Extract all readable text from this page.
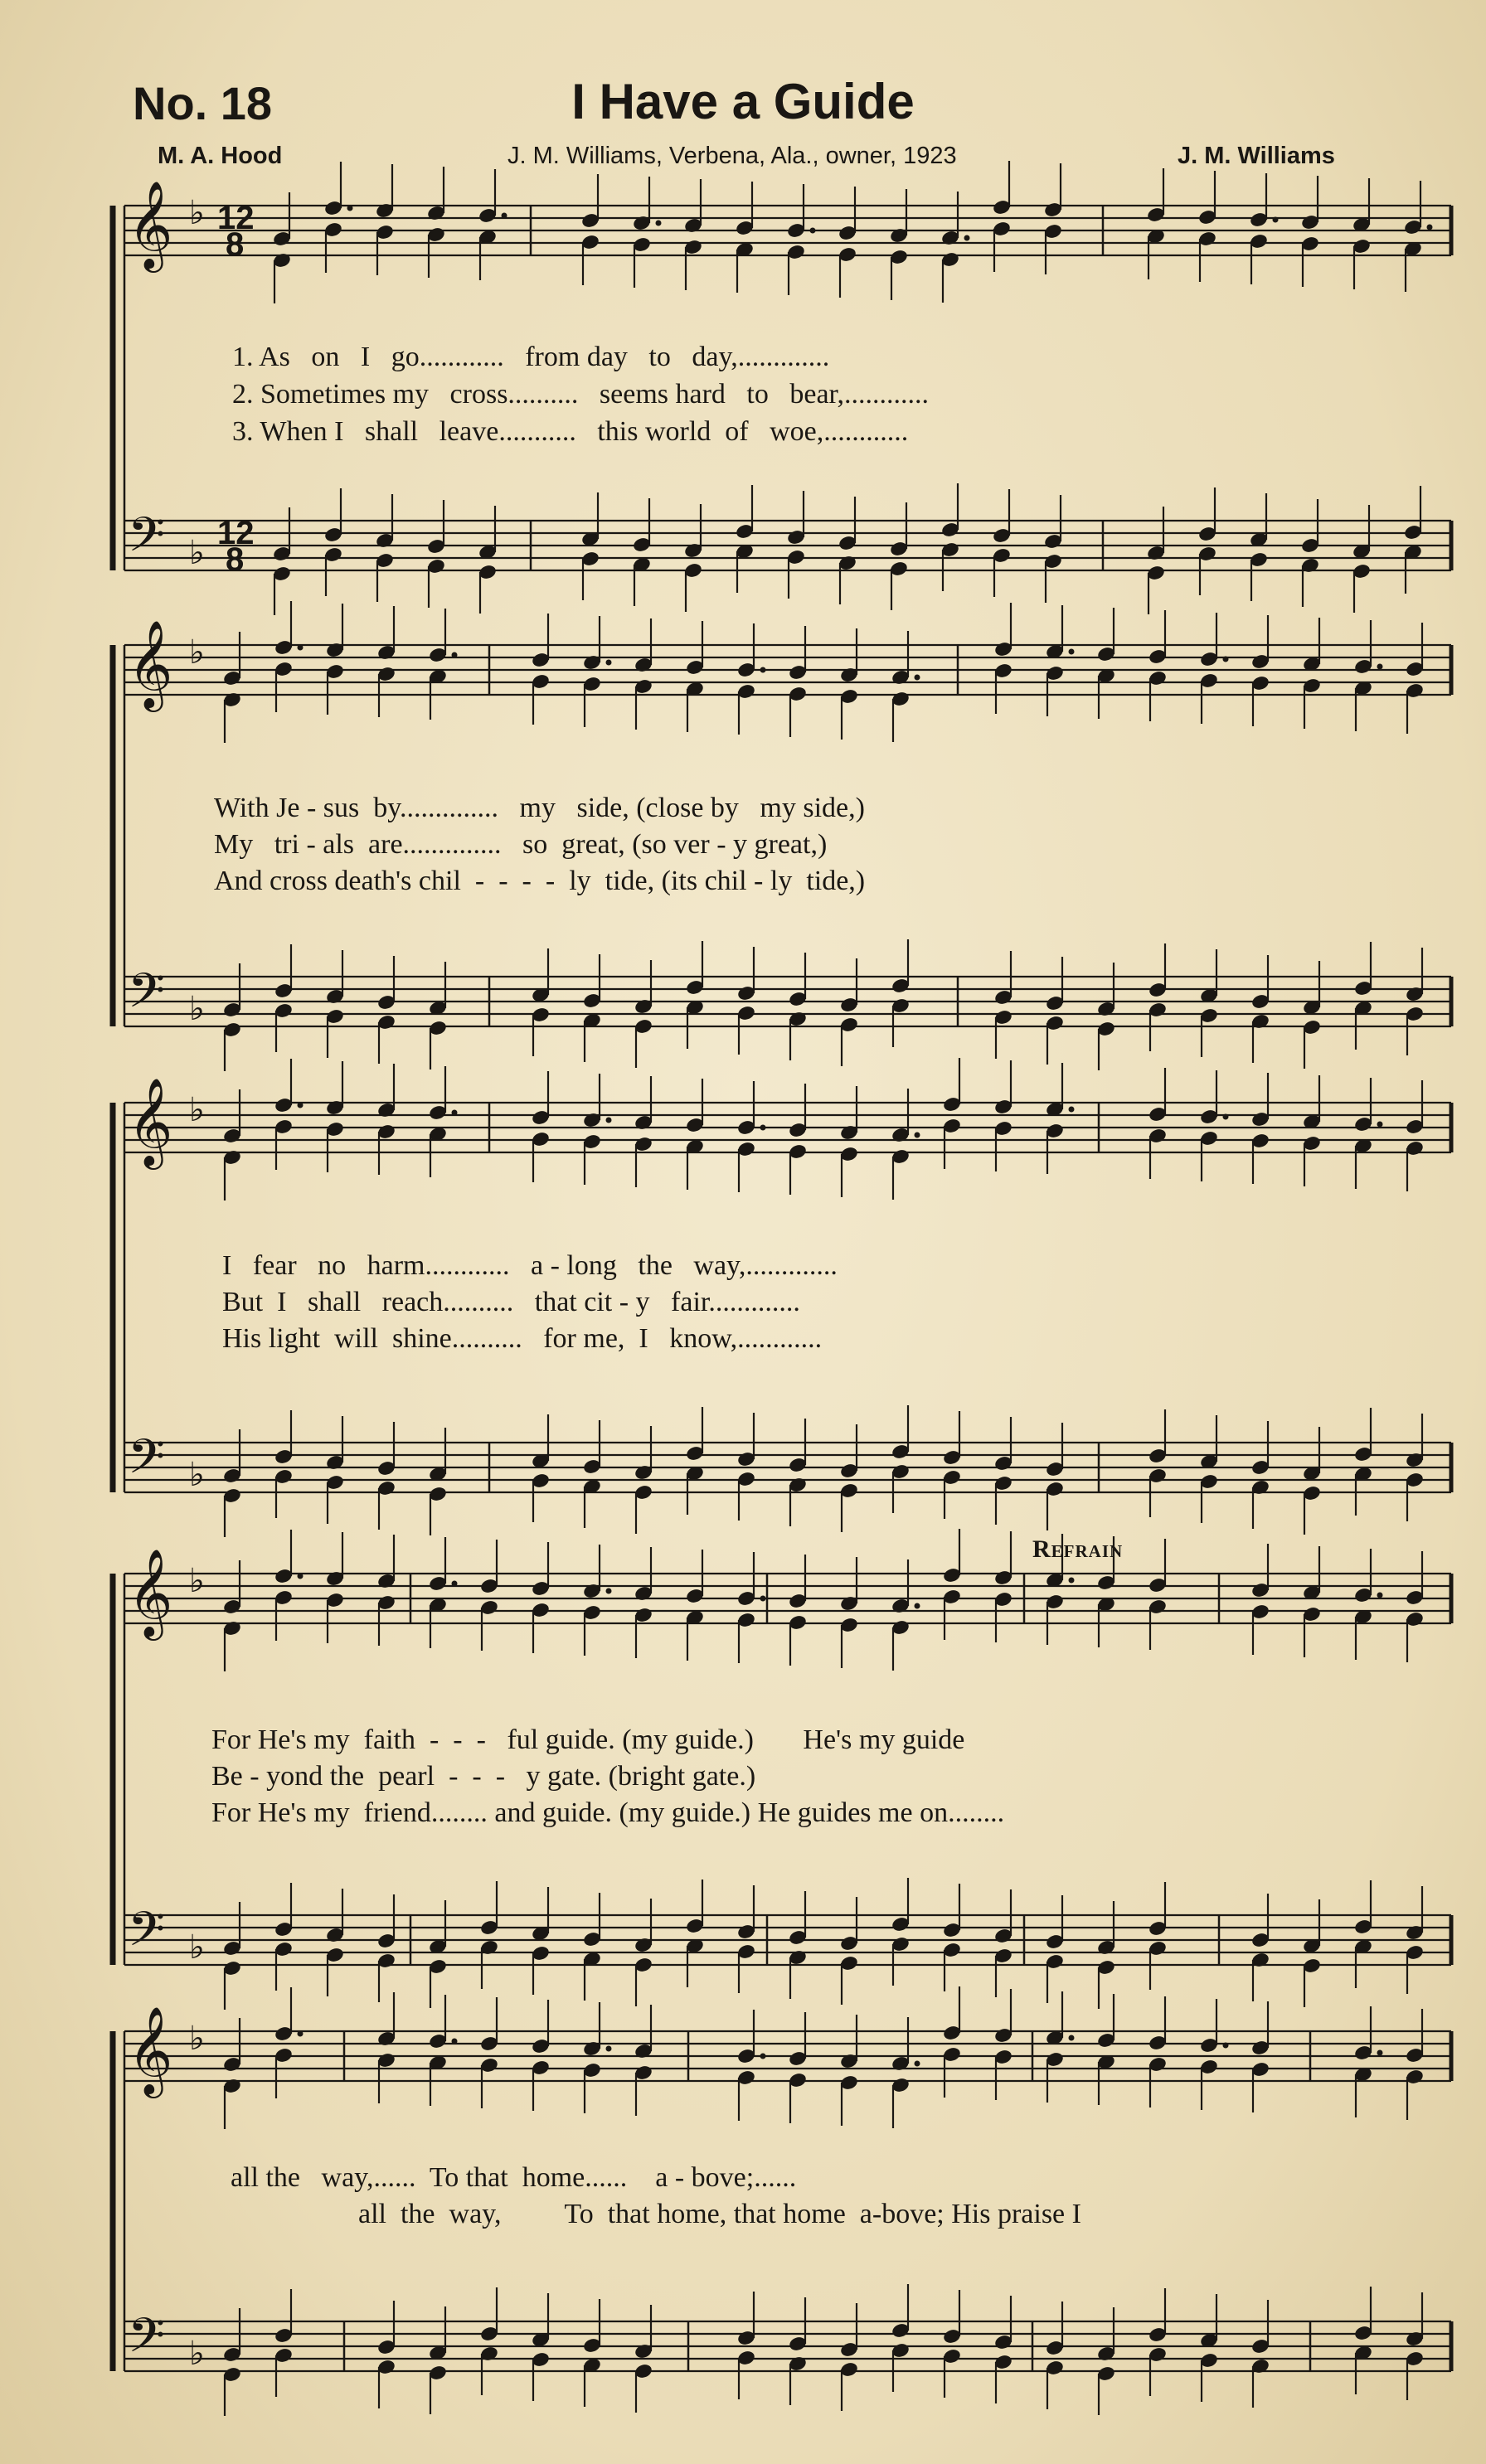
No. 18	I Have a Guide
M. A. Hood	J. M. Williams, Verbena, Ala., owner, 1923	J. M. Williams
𝄞 ♭ 12
8
𝄢 ♭
12
8
𝄞 ♭
𝄢 ♭
𝄞 ♭
𝄢 ♭
𝄞 ♭
𝄢 ♭
𝄞 ♭
𝄢 ♭
Refrain
1. As   on   I   go............   from day   to   day,.............
2. Sometimes my   cross..........   seems hard   to   bear,............
3. When I   shall   leave...........   this world  of   woe,............
With Je - sus  by..............   my   side, (close by   my side,)
My   tri - als  are..............   so  great, (so ver - y great,)
And cross death's chil  -  -  -  -  ly  tide, (its chil - ly  tide,)
I   fear   no   harm............   a - long   the   way,.............
But  I   shall   reach..........   that cit - y   fair.............
His light  will  shine..........   for me,  I   know,............
For He's my  faith  -  -  -   ful guide. (my guide.)       He's my guide
Be - yond the  pearl  -  -  -   y gate. (bright gate.)
For He's my  friend........ and guide. (my guide.) He guides me on........
all the   way,......  To that  home......    a - bove;......
all  the  way,         To  that home, that home  a-bove; His praise I
